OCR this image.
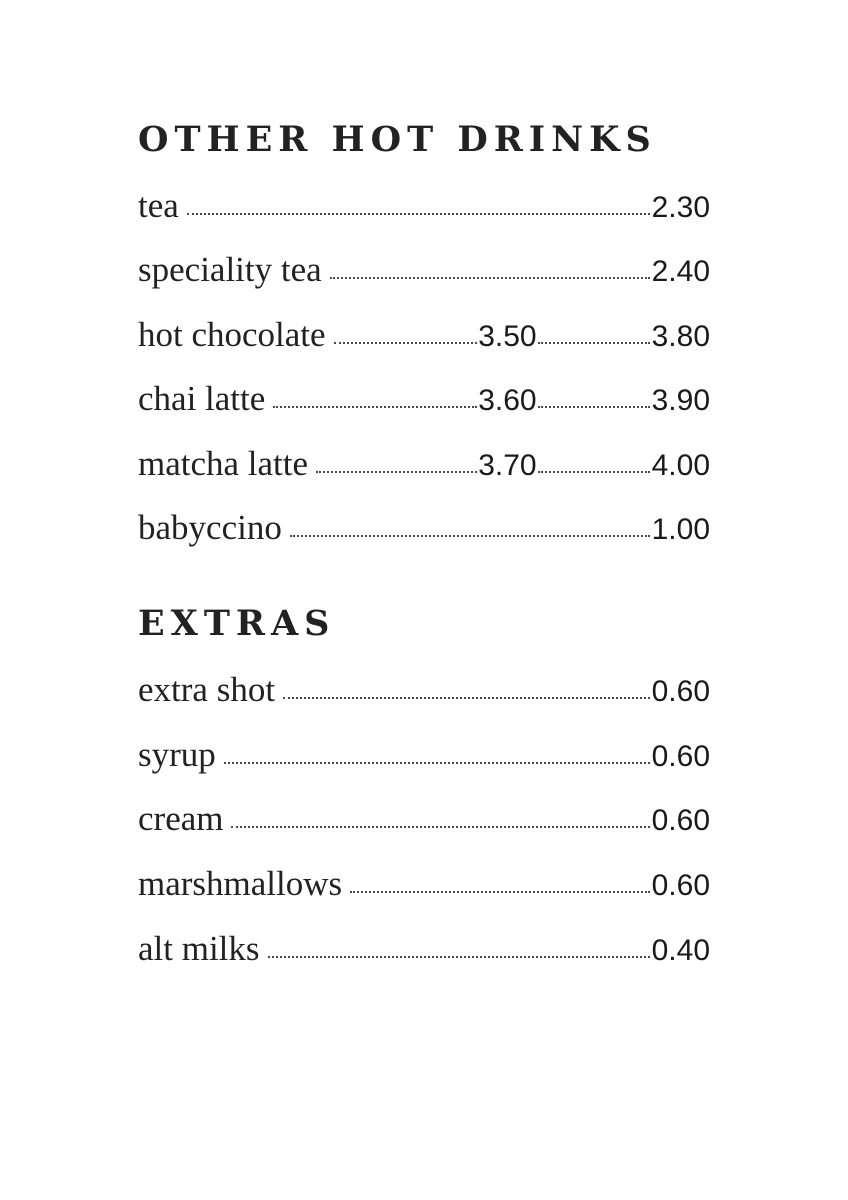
OTHER HOT DRINKS
tea	2.30
speciality tea	2.40
hot chocolate	3.50	3.80
chai latte	3.60	3.90
matcha latte	3.70	4.00
babyccino	1.00
EXTRAS
extra shot	0.60
syrup	0.60
cream	0.60
marshmallows	0.60
alt milks	0.40
